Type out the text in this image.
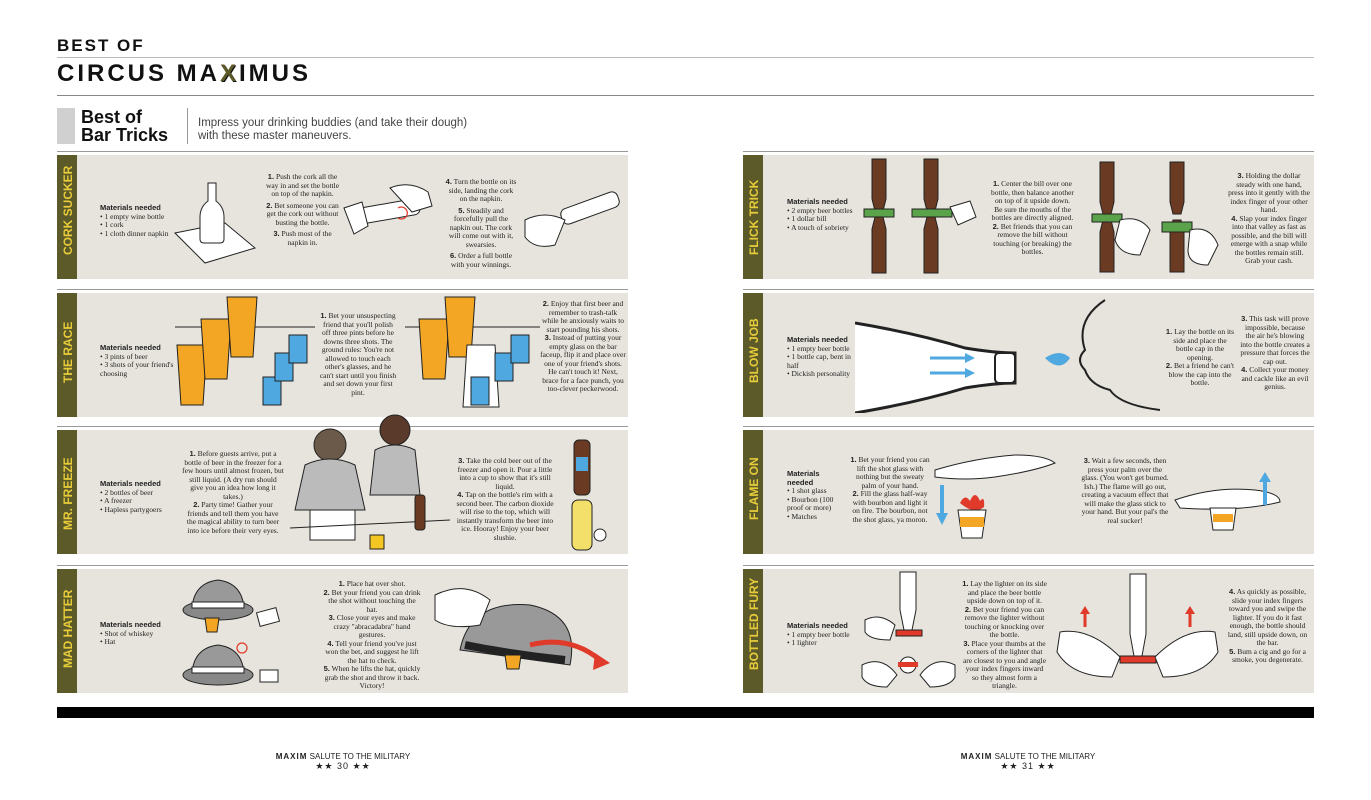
BEST OF
CIRCUS MAXIMUS
Best of
Bar Tricks
Impress your drinking buddies (and take their dough) with these master maneuvers.
CORK SUCKER	Materials needed
• 1 empty wine bottle
• 1 cork
• 1 cloth dinner napkin
1. Push the cork all the way in and set the bottle on top of the napkin.
2. Bet someone you can get the cork out without busting the bottle.
3. Push most of the napkin in.
4. Turn the bottle on its side, landing the cork on the napkin.
5. Steadily and forcefully pull the napkin out. The cork will come out with it, swearsies.
6. Order a full bottle with your winnings.
THE RACE	Materials needed
• 3 pints of beer
• 3 shots of your friend's choosing
1. Bet your unsuspecting friend that you'll polish off three pints before he downs three shots. The ground rules: You're not allowed to touch each other's glasses, and he can't start until you finish and set down your first pint.
2. Enjoy that first beer and remember to trash-talk while he anxiously waits to start pounding his shots.
3. Instead of putting your empty glass on the bar faceup, flip it and place over one of your friend's shots. He can't touch it! Next, brace for a face punch, you too-clever peckerwood.
MR. FREEZE	Materials needed
• 2 bottles of beer
• A freezer
• Hapless partygoers
1. Before guests arrive, put a bottle of beer in the freezer for a few hours until almost frozen, but still liquid. (A dry run should give you an idea how long it takes.)
2. Party time! Gather your friends and tell them you have the magical ability to turn beer into ice before their very eyes.
3. Take the cold beer out of the freezer and open it. Pour a little into a cup to show that it's still liquid.
4. Tap on the bottle's rim with a second beer. The carbon dioxide will rise to the top, which will instantly transform the beer into ice. Hooray! Enjoy your beer slushie.
MAD HATTER	Materials needed
• Shot of whiskey
• Hat
1. Place hat over shot.
2. Bet your friend you can drink the shot without touching the hat.
3. Close your eyes and make crazy "abracadabra" hand gestures.
4. Tell your friend you've just won the bet, and suggest he lift the hat to check.
5. When he lifts the hat, quickly grab the shot and throw it back. Victory!
FLICK TRICK	Materials needed
• 2 empty beer bottles
• 1 dollar bill
• A touch of sobriety
1. Center the bill over one bottle, then balance another on top of it upside down. Be sure the mouths of the bottles are directly aligned.
2. Bet friends that you can remove the bill without touching (or breaking) the bottles.
3. Holding the dollar steady with one hand, press into it gently with the index finger of your other hand.
4. Slap your index finger into that valley as fast as possible, and the bill will emerge with a snap while the bottles remain still. Grab your cash.
BLOW JOB	Materials needed
• 1 empty beer bottle
• 1 bottle cap, bent in half
• Dickish personality
1. Lay the bottle on its side and place the bottle cap in the opening.
2. Bet a friend he can't blow the cap into the bottle.
3. This task will prove impossible, because the air he's blowing into the bottle creates a pressure that forces the cap out.
4. Collect your money and cackle like an evil genius.
FLAME ON	Materials needed
• 1 shot glass
• Bourbon (100 proof or more)
• Matches
1. Bet your friend you can lift the shot glass with nothing but the sweaty palm of your hand.
2. Fill the glass half-way with bourbon and light it on fire. The bourbon, not the shot glass, ya moron.
3. Wait a few seconds, then press your palm over the glass. (You won't get burned. Ish.) The flame will go out, creating a vacuum effect that will make the glass stick to your hand. But your pal's the real sucker!
BOTTLED FURY	Materials needed
• 1 empty beer bottle
• 1 lighter
1. Lay the lighter on its side and place the beer bottle upside down on top of it.
2. Bet your friend you can remove the lighter without touching or knocking over the bottle.
3. Place your thumbs at the corners of the lighter that are closest to you and angle your index fingers inward so they almost form a triangle.
4. As quickly as possible, slide your index fingers toward you and swipe the lighter. If you do it fast enough, the bottle should land, still upside down, on the bar.
5. Bum a cig and go for a smoke, you degenerate.
MAXIM SALUTE TO THE MILITARY
★★ 30 ★★
MAXIM SALUTE TO THE MILITARY
★★ 31 ★★
